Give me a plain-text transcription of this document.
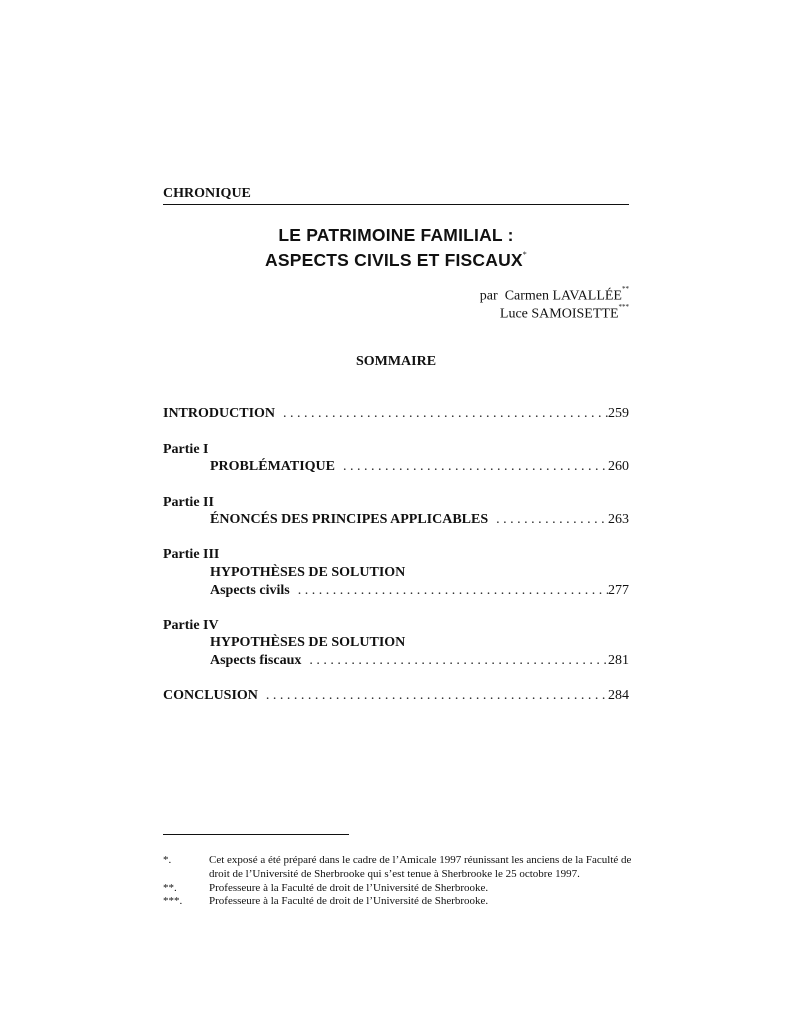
CHRONIQUE
LE PATRIMOINE FAMILIAL :
ASPECTS CIVILS ET FISCAUX*
par Carmen LAVALLÉE**
Luce SAMOISETTE***
SOMMAIRE
INTRODUCTION . . .	259
Partie I
PROBLÉMATIQUE . . .	260
Partie II
ÉNONCÉS DES PRINCIPES APPLICABLES . . .	263
Partie III
HYPOTHÈSES DE SOLUTION
Aspects civils . . .	277
Partie IV
HYPOTHÈSES DE SOLUTION
Aspects fiscaux . . .	281
CONCLUSION . . .	284
*.	Cet exposé a été préparé dans le cadre de l’Amicale 1997 réunissant les anciens de la Faculté de droit de l’Université de Sherbrooke qui s’est tenue à Sherbrooke le 25 octobre 1997.
**.	Professeure à la Faculté de droit de l’Université de Sherbrooke.
***.	Professeure à la Faculté de droit de l’Université de Sherbrooke.
